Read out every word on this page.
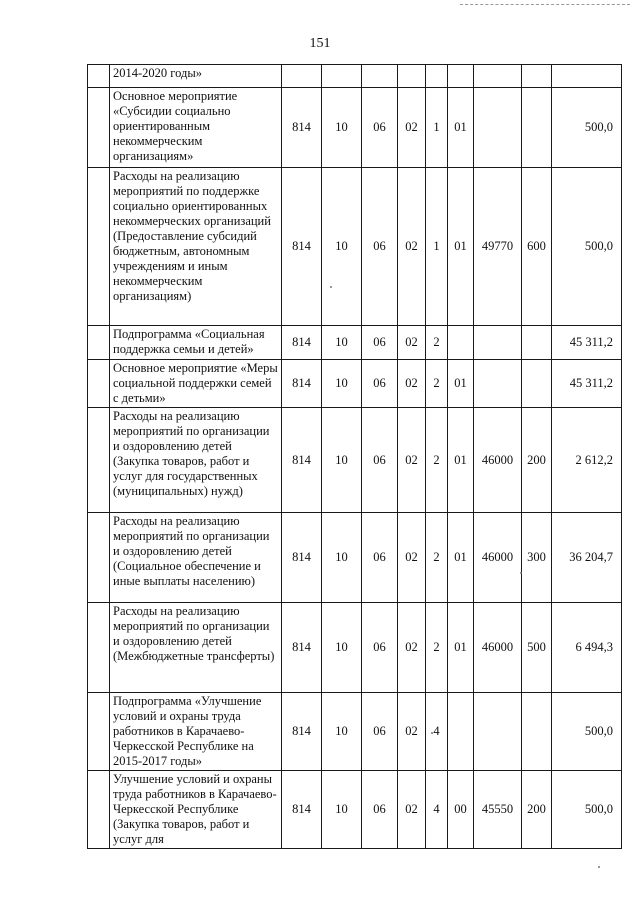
151
	2014-2020 годы»									
	Основное мероприятие «Субсидии социально ориентированным некоммерческим организациям»	814	10	06	02	1	01			500,0
	Расходы на реализацию мероприятий по поддержке социально ориентированных некоммерческих организаций (Предоставление субсидий бюджетным, автономным учреждениям и иным некоммерческим организациям)	814	10	06	02	1	01	49770	600	500,0
	Подпрограмма «Социальная поддержка семьи и детей»	814	10	06	02	2				45 311,2
	Основное мероприятие «Меры социальной поддержки семей с детьми»	814	10	06	02	2	01			45 311,2
	Расходы на реализацию мероприятий по организации и оздоровлению детей (Закупка товаров, работ и услуг для государственных (муниципальных) нужд)	814	10	06	02	2	01	46000	200	2 612,2
	Расходы на реализацию мероприятий по организации и оздоровлению детей (Социальное обеспечение и иные выплаты населению)	814	10	06	02	2	01	46000	300	36 204,7
	Расходы на реализацию мероприятий по организации и оздоровлению детей (Межбюджетные трансферты)	814	10	06	02	2	01	46000	500	6 494,3
	Подпрограмма «Улучшение условий и охраны труда работников в Карачаево-Черкесской Республике на 2015-2017 годы»	814	10	06	02	4				500,0
	Улучшение условий и охраны труда работников в Карачаево-Черкесской Республике (Закупка товаров, работ и услуг для	814	10	06	02	4	00	45550	200	500,0
